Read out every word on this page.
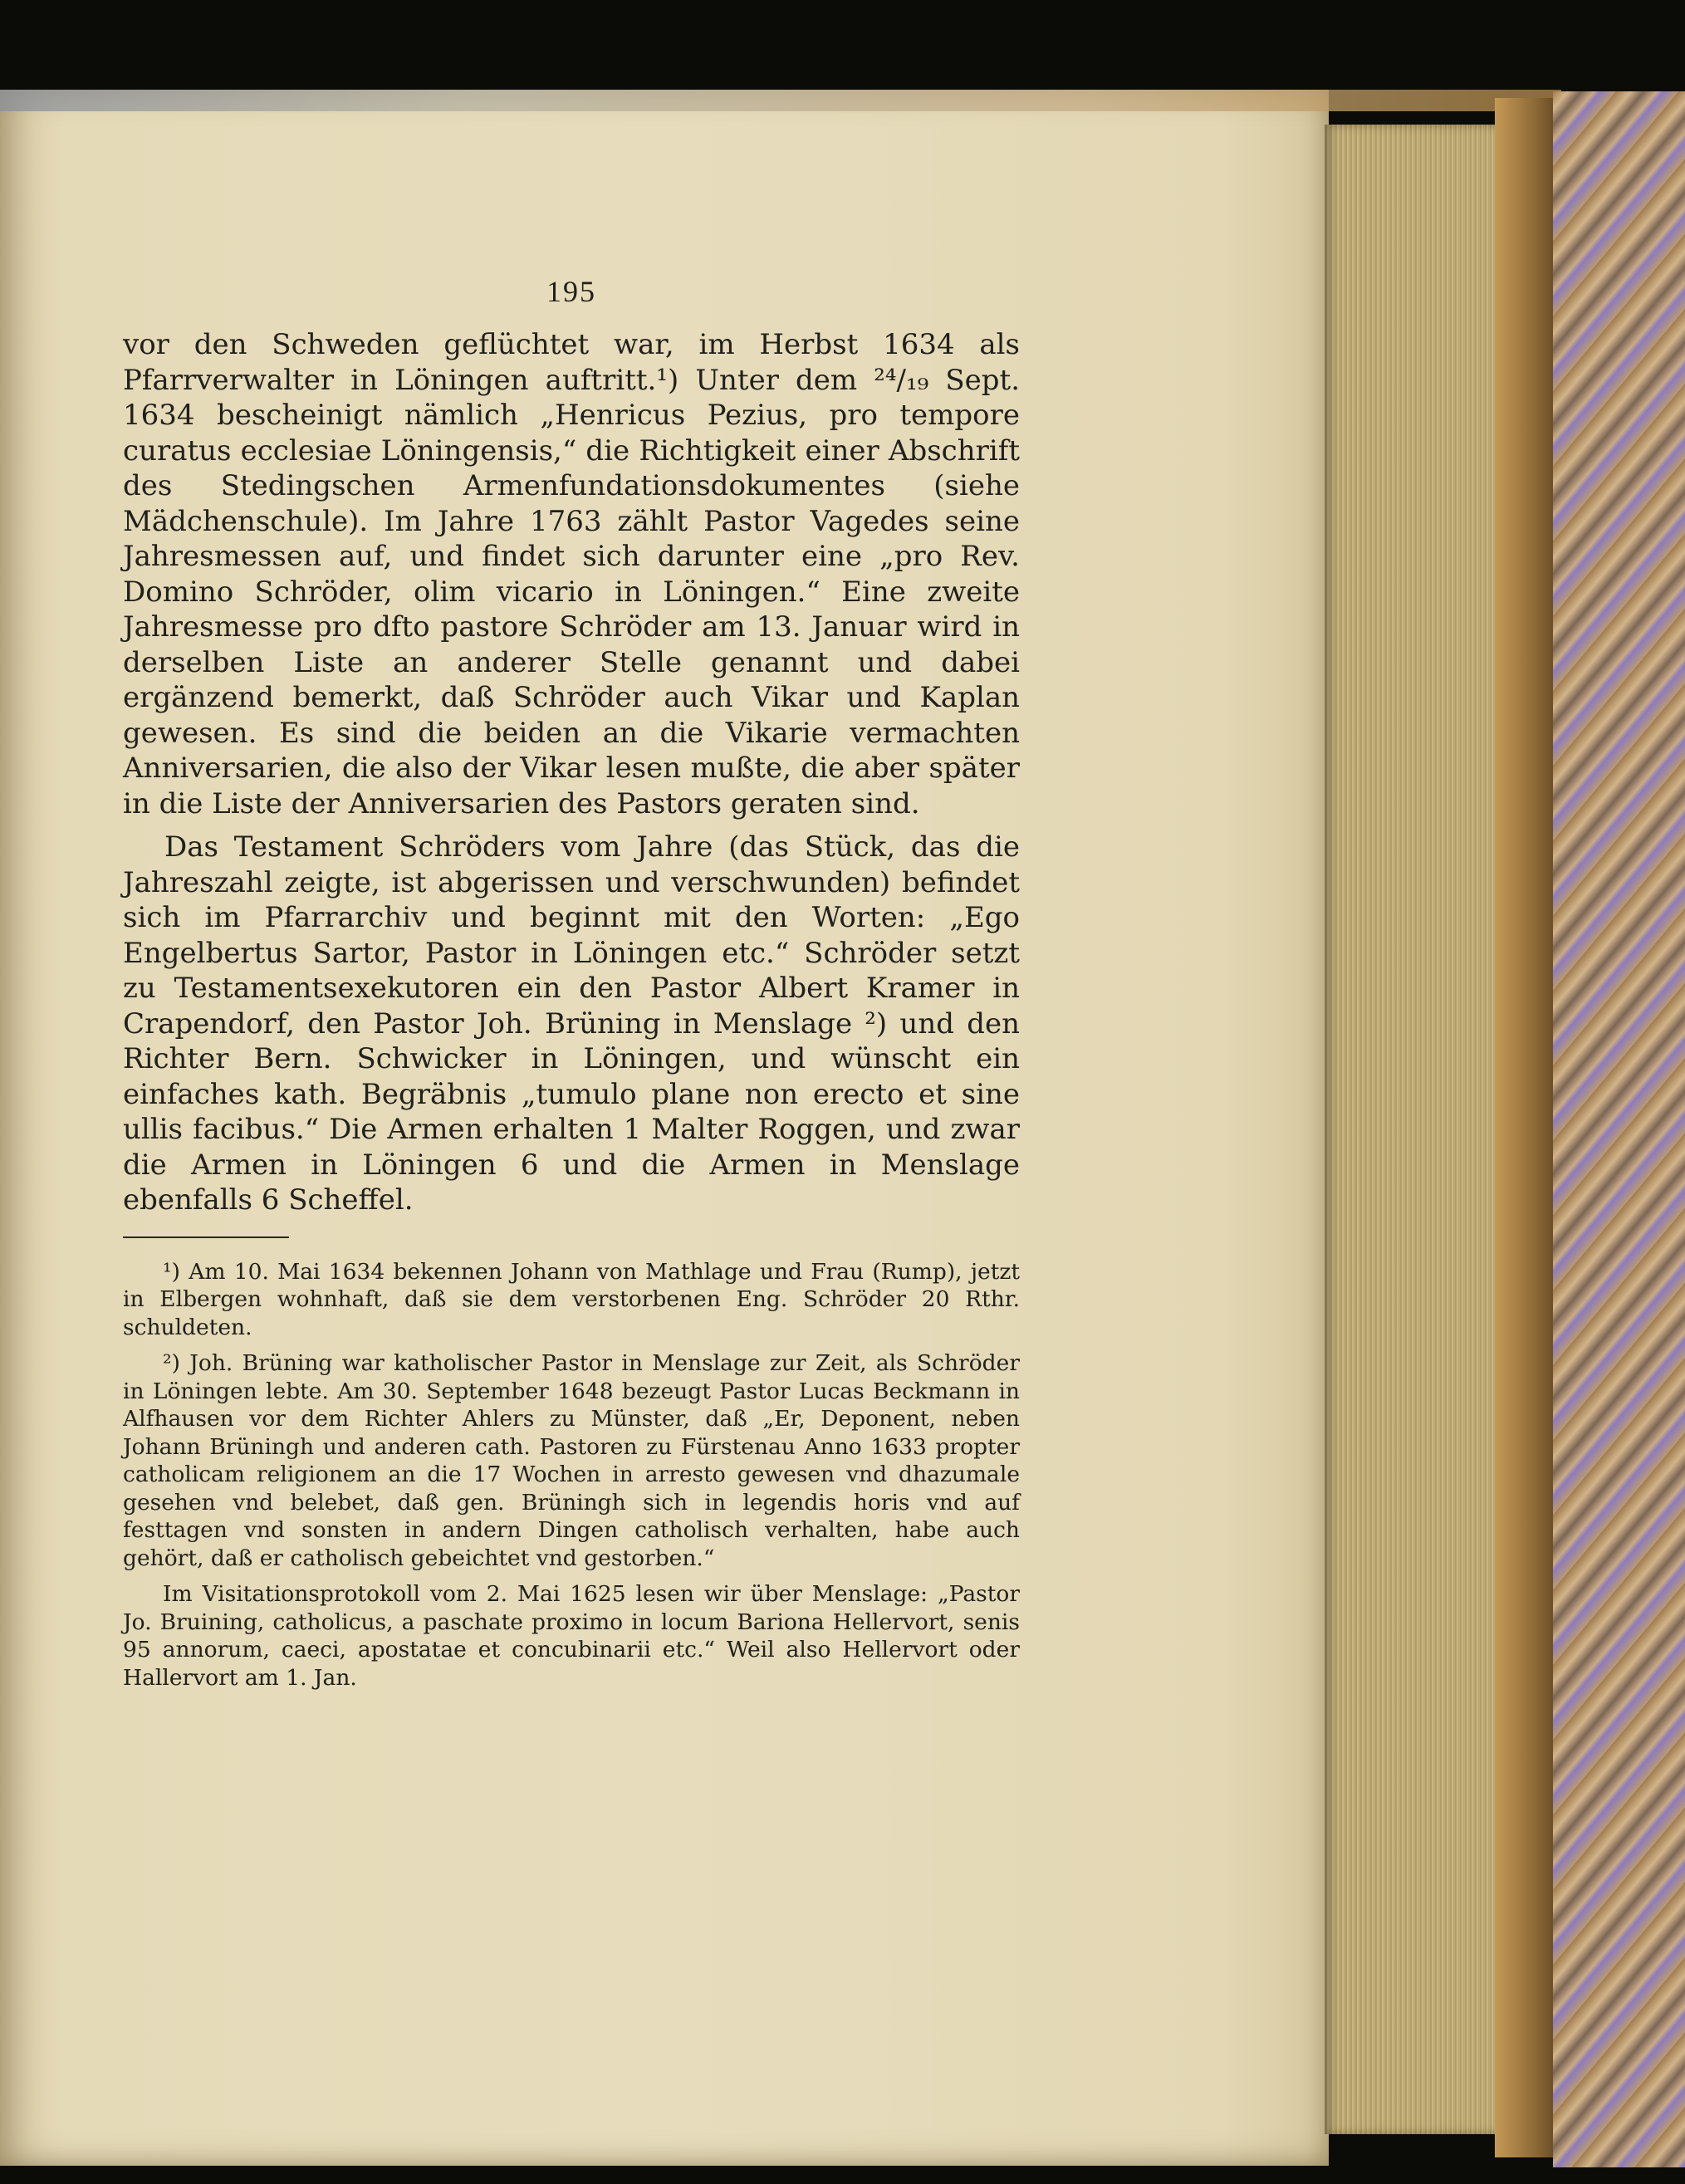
195

vor den Schweden geflüchtet war, im Herbst 1634 als Pfarrverwalter in Löningen auftritt.¹) Unter dem ²⁴/₁₉ Sept. 1634 bescheinigt nämlich „Henricus Pezius, pro tempore curatus ecclesiae Löningensis,“ die Richtigkeit einer Abschrift des Stedingschen Armenfundationsdokumentes (siehe Mädchenschule). Im Jahre 1763 zählt Pastor Vagedes seine Jahresmessen auf, und findet sich darunter eine „pro Rev. Domino Schröder, olim vicario in Löningen.“ Eine zweite Jahresmesse pro dfto pastore Schröder am 13. Januar wird in derselben Liste an anderer Stelle genannt und dabei ergänzend bemerkt, daß Schröder auch Vikar und Kaplan gewesen. Es sind die beiden an die Vikarie vermachten Anniversarien, die also der Vikar lesen mußte, die aber später in die Liste der Anniversarien des Pastors geraten sind.

Das Testament Schröders vom Jahre (das Stück, das die Jahreszahl zeigte, ist abgerissen und verschwunden) befindet sich im Pfarrarchiv und beginnt mit den Worten: „Ego Engelbertus Sartor, Pastor in Löningen etc.“ Schröder setzt zu Testamentsexekutoren ein den Pastor Albert Kramer in Crapendorf, den Pastor Joh. Brüning in Menslage ²) und den Richter Bern. Schwicker in Löningen, und wünscht ein einfaches kath. Begräbnis „tumulo plane non erecto et sine ullis facibus.“ Die Armen erhalten 1 Malter Roggen, und zwar die Armen in Löningen 6 und die Armen in Menslage ebenfalls 6 Scheffel.

¹) Am 10. Mai 1634 bekennen Johann von Mathlage und Frau (Rump), jetzt in Elbergen wohnhaft, daß sie dem verstorbenen Eng. Schröder 20 Rthr. schuldeten.

²) Joh. Brüning war katholischer Pastor in Menslage zur Zeit, als Schröder in Löningen lebte. Am 30. September 1648 bezeugt Pastor Lucas Beckmann in Alfhausen vor dem Richter Ahlers zu Münster, daß „Er, Deponent, neben Johann Brüningh und anderen cath. Pastoren zu Fürstenau Anno 1633 propter catholicam religionem an die 17 Wochen in arresto gewesen vnd dhazumale gesehen vnd belebet, daß gen. Brüningh sich in legendis horis vnd auf festtagen vnd sonsten in andern Dingen catholisch verhalten, habe auch gehört, daß er catholisch gebeichtet vnd gestorben.“

Im Visitationsprotokoll vom 2. Mai 1625 lesen wir über Menslage: „Pastor Jo. Bruining, catholicus, a paschate proximo in locum Bariona Hellervort, senis 95 annorum, caeci, apostatae et concubinarii etc.“ Weil also Hellervort oder Hallervort am 1. Jan.
